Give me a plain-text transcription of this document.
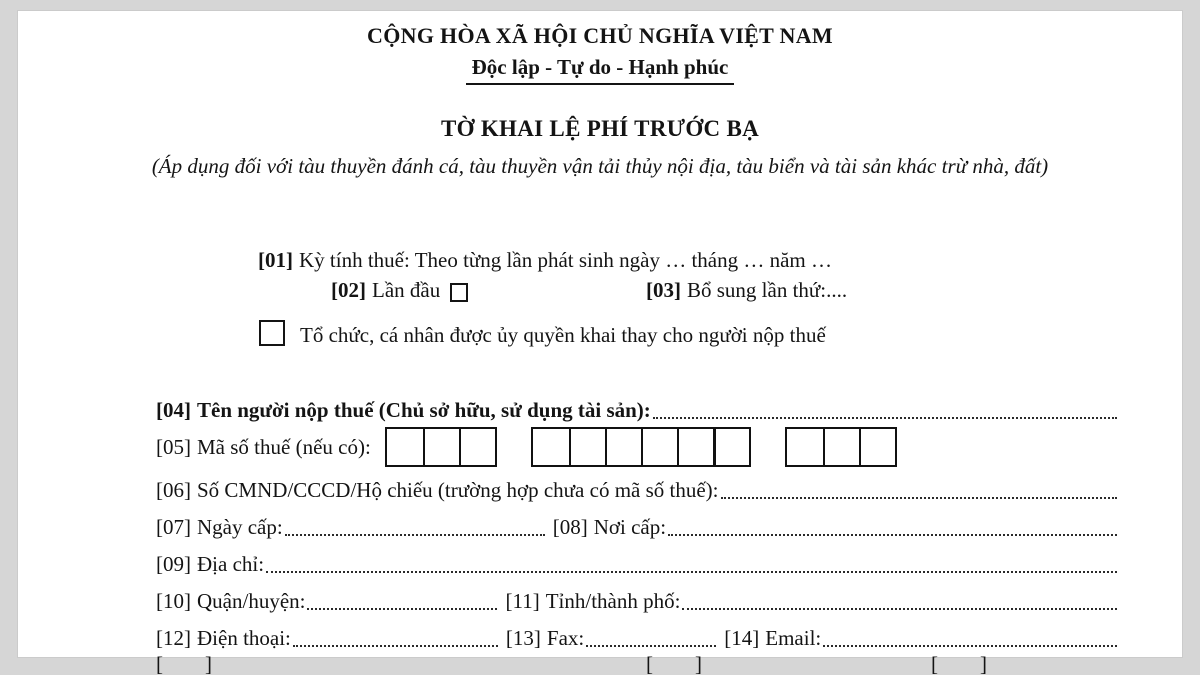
CỘNG HÒA XÃ HỘI CHỦ NGHĨA VIỆT NAM
Độc lập - Tự do - Hạnh phúc
TỜ KHAI LỆ PHÍ TRƯỚC BẠ
(Áp dụng đối với tàu thuyền đánh cá, tàu thuyền vận tải thủy nội địa, tàu biển và tài sản khác trừ nhà, đất)
[01] Kỳ tính thuế: Theo từng lần phát sinh ngày … tháng … năm …
[02] Lần đầu	[03] Bổ sung lần thứ:....
Tổ chức, cá nhân được ủy quyền khai thay cho người nộp thuế
[04] Tên người nộp thuế (Chủ sở hữu, sử dụng tài sản):
[05] Mã số thuế (nếu có):
[06] Số CMND/CCCD/Hộ chiếu (trường hợp chưa có mã số thuế):
[07] Ngày cấp:	[08] Nơi cấp:
[09] Địa chỉ:
[10] Quận/huyện:	[11] Tỉnh/thành phố:
[12] Điện thoại:	[13] Fax:	[14] Email:
[ ]	[ ]	[ ]
